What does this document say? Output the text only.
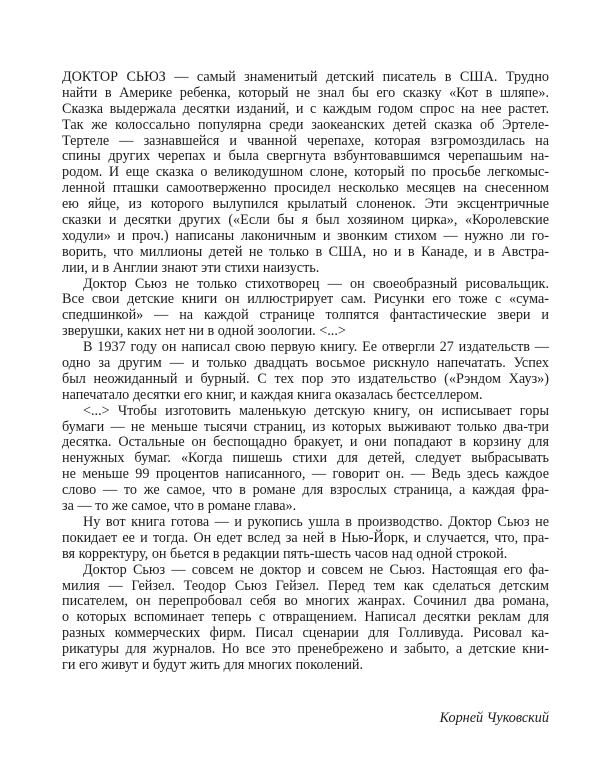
ДОКТОР СЬЮЗ — самый знаменитый детский писатель в США. Трудно
найти в Америке ребенка, который не знал бы его сказку «Кот в шляпе».
Сказка выдержала десятки изданий, и с каждым годом спрос на нее растет.
Так же колоссально популярна среди заокеанских детей сказка об Эртеле-
Тертеле — зазнавшейся и чванной черепахе, которая взгромоздилась на
спины других черепах и была свергнута взбунтовавшимся черепашьим на-
родом. И еще сказка о великодушном слоне, который по просьбе легкомыс-
ленной пташки самоотверженно просидел несколько месяцев на снесенном
ею яйце, из которого вылупился крылатый слоненок. Эти эксцентричные
сказки и десятки других («Если бы я был хозяином цирка», «Королевские
ходули» и проч.) написаны лаконичным и звонким стихом — нужно ли го-
ворить, что миллионы детей не только в США, но и в Канаде, и в Австра-
лии, и в Англии знают эти стихи наизусть.
Доктор Сьюз не только стихотворец — он своеобразный рисовальщик.
Все свои детские книги он иллюстрирует сам. Рисунки его тоже с «сума-
спедшинкой» — на каждой странице толпятся фантастические звери и
зверушки, каких нет ни в одной зоологии. <...>
В 1937 году он написал свою первую книгу. Ее отвергли 27 издательств —
одно за другим — и только двадцать восьмое рискнуло напечатать. Успех
был неожиданный и бурный. С тех пор это издательство («Рэндом Хауз»)
напечатало десятки его книг, и каждая книга оказалась бестселлером.
<...> Чтобы изготовить маленькую детскую книгу, он исписывает горы
бумаги — не меньше тысячи страниц, из которых выживают только два-три
десятка. Остальные он беспощадно бракует, и они попадают в корзину для
ненужных бумаг. «Когда пишешь стихи для детей, следует выбрасывать
не меньше 99 процентов написанного, — говорит он. — Ведь здесь каждое
слово — то же самое, что в романе для взрослых страница, а каждая фра-
за — то же самое, что в романе глава».
Ну вот книга готова — и рукопись ушла в производство. Доктор Сьюз не
покидает ее и тогда. Он едет вслед за ней в Нью-Йорк, и случается, что, пра-
вя корректуру, он бьется в редакции пять-шесть часов над одной строкой.
Доктор Сьюз — совсем не доктор и совсем не Сьюз. Настоящая его фа-
милия — Гейзел. Теодор Сьюз Гейзел. Перед тем как сделаться детским
писателем, он перепробовал себя во многих жанрах. Сочинил два романа,
о которых вспоминает теперь с отвращением. Написал десятки реклам для
разных коммерческих фирм. Писал сценарии для Голливуда. Рисовал ка-
рикатуры для журналов. Но все это пренебрежено и забыто, а детские кни-
ги его живут и будут жить для многих поколений.
Корней Чуковский
